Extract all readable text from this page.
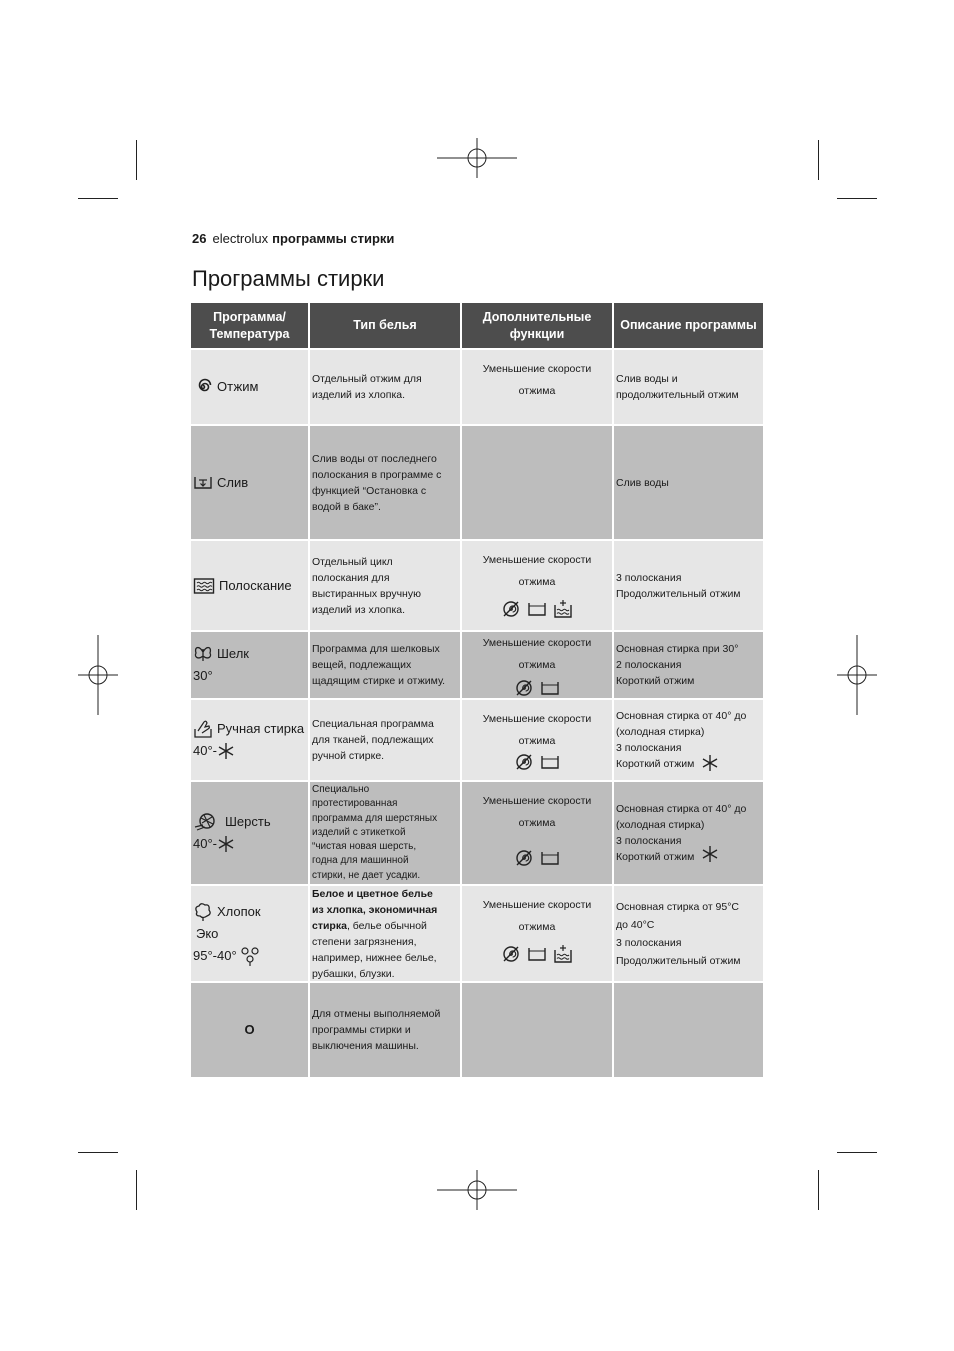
26 electrolux программы стирки
Программы стирки
Программа/
Температура
Тип белья
Дополнительные
функции
Описание программы
Отжим	Отдельный отжим для
изделий из хлопка.
Уменьшение скорости
отжима
Слив воды и
продолжительный отжим
Слив
Слив воды от последнего
полоскания в программе с
функцией “Остановка с
водой в баке”.
Слив воды
Полоскание
Отдельный цикл
полоскания для
выстиранных вручную
изделий из хлопка.
Уменьшение скорости
отжима	3 полоскания
Продолжительный отжим
Шелк
30°
Программа для шелковых
вещей, подлежащих
щадящим стирке и отжиму.
Уменьшение скорости
отжима
Основная стирка при 30°
2 полоскания
Короткий отжим
Ручная стирка
40°-
Специальная программа
для тканей, подлежащих
ручной стирке.
Уменьшение скорости
отжима
Основная стирка от 40° до
(холодная стирка)
3 полоскания
Короткий отжим
Шерсть
40°-
Специально
протестированная
программа для шерстяных
изделий с этикеткой
“чистая новая шерсть,
годна для машинной
стирки, не дает усадки.
Уменьшение скорости
отжима
Основная стирка от 40° до
(холодная стирка)
3 полоскания
Короткий отжим
Хлопок
Эко
95°-40°
Белое и цветное белье
из хлопка, экономичная
стирка, белье обычной
степени загрязнения,
например, нижнее белье,
рубашки, блузки.
Уменьшение скорости
отжима
Основная стирка от 95°C
до 40°C
3 полоскания
Продолжительный отжим
O
Для отмены выполняемой
программы стирки и
выключения машины.
